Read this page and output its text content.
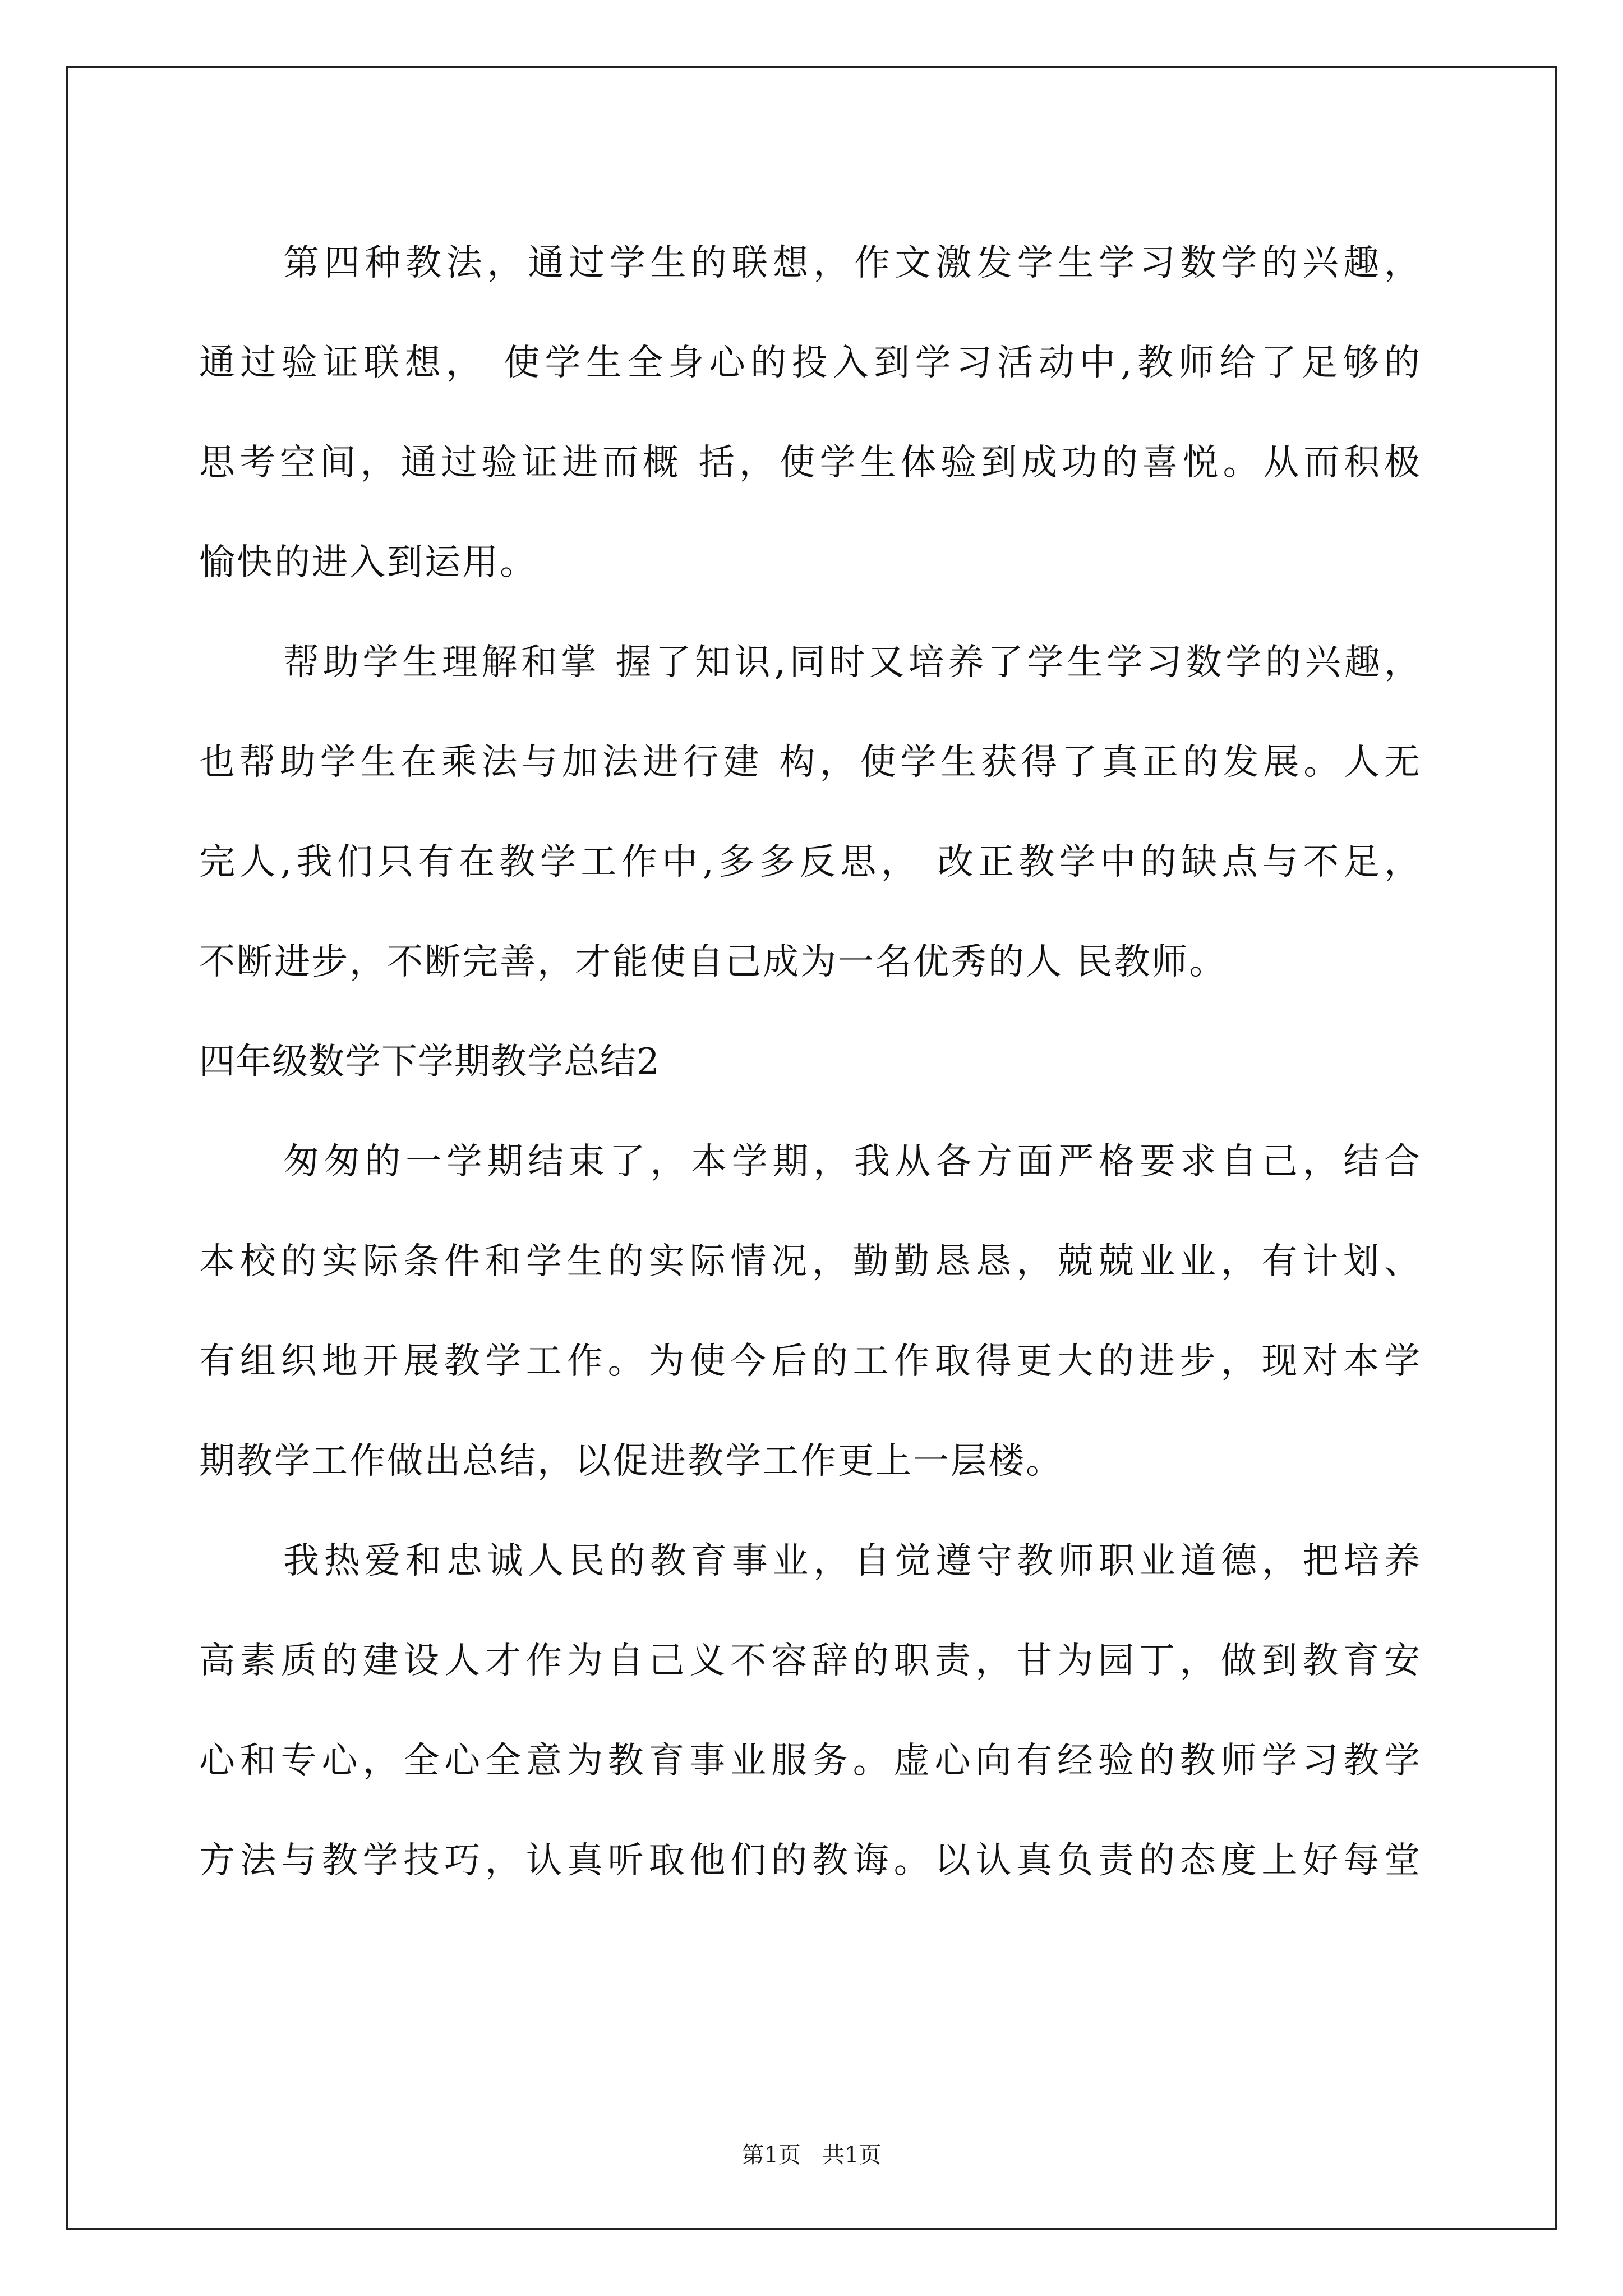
第四种教法，通过学生的联想，作文激发学生学习数学的兴趣，
通过验证联想， 使学生全身心的投入到学习活动中,教师给了足够的
思考空间，通过验证进而概 括，使学生体验到成功的喜悦。从而积极
愉快的进入到运用。
帮助学生理解和掌 握了知识,同时又培养了学生学习数学的兴趣，
也帮助学生在乘法与加法进行建 构，使学生获得了真正的发展。人无
完人,我们只有在教学工作中,多多反思， 改正教学中的缺点与不足，
不断进步，不断完善，才能使自己成为一名优秀的人 民教师。
四年级数学下学期教学总结2
匆匆的一学期结束了，本学期，我从各方面严格要求自己，结合
本校的实际条件和学生的实际情况，勤勤恳恳，兢兢业业，有计划、
有组织地开展教学工作。为使今后的工作取得更大的进步，现对本学
期教学工作做出总结，以促进教学工作更上一层楼。
我热爱和忠诚人民的教育事业，自觉遵守教师职业道德，把培养
高素质的建设人才作为自己义不容辞的职责，甘为园丁，做到教育安
心和专心，全心全意为教育事业服务。虚心向有经验的教师学习教学
方法与教学技巧，认真听取他们的教诲。以认真负责的态度上好每堂
第1页   共1页
